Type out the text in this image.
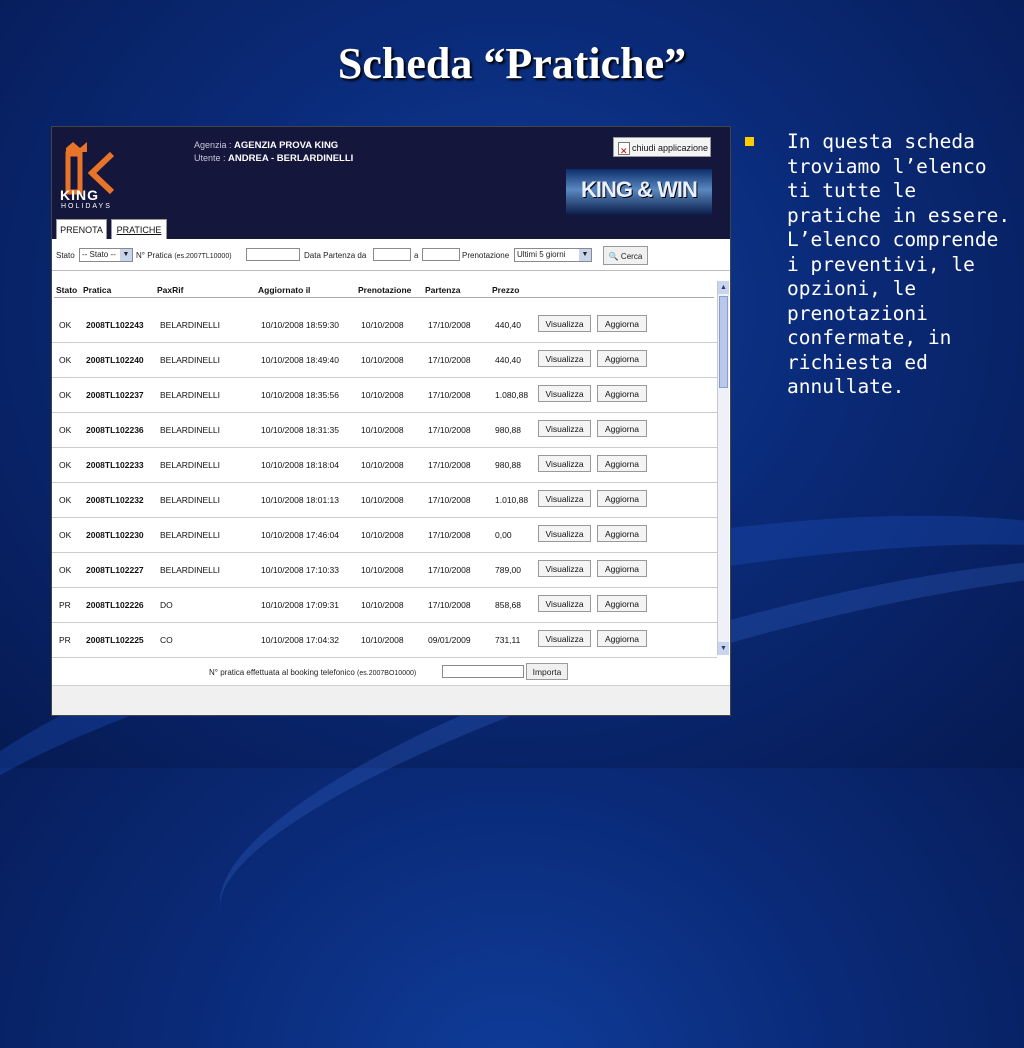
Scheda “Pratiche”
In questa scheda troviamo l’elenco ti tutte le pratiche in essere. L’elenco comprende i preventivi, le opzioni, le prenotazioni confermate, in richiesta ed annullate.
KING
HOLIDAYS
Agenzia : AGENZIA PROVA KING
Utente : ANDREA - BERLARDINELLI
✕
chiudi applicazione
KING & WIN
PRENOTA	PRATICHE
Stato -- Stato -- ▼ N° Pratica (es.2007TL10000)	Data Partenza da	a	Prenotazione Ultimi 5 giorni	▼	🔍 Cerca
Stato Pratica	PaxRif	Aggiornato il	Prenotazione Partenza	Prezzo
OK 2008TL102243 BELARDINELLI	10/10/2008 18:59:30	10/10/2008	17/10/2008	440,40	Visualizza	Aggiorna
OK 2008TL102240 BELARDINELLI	10/10/2008 18:49:40	10/10/2008	17/10/2008	440,40	Visualizza	Aggiorna
OK 2008TL102237 BELARDINELLI	10/10/2008 18:35:56	10/10/2008	17/10/2008	1.080,88	Visualizza	Aggiorna
OK 2008TL102236 BELARDINELLI	10/10/2008 18:31:35	10/10/2008	17/10/2008	980,88	Visualizza	Aggiorna
OK 2008TL102233 BELARDINELLI	10/10/2008 18:18:04	10/10/2008	17/10/2008	980,88	Visualizza	Aggiorna
OK 2008TL102232 BELARDINELLI	10/10/2008 18:01:13	10/10/2008	17/10/2008	1.010,88	Visualizza	Aggiorna
OK 2008TL102230 BELARDINELLI	10/10/2008 17:46:04	10/10/2008	17/10/2008	0,00	Visualizza	Aggiorna
OK 2008TL102227 BELARDINELLI	10/10/2008 17:10:33	10/10/2008	17/10/2008	789,00	Visualizza	Aggiorna
PR 2008TL102226 DO	10/10/2008 17:09:31	10/10/2008	17/10/2008	858,68	Visualizza	Aggiorna
PR 2008TL102225 CO	10/10/2008 17:04:32	10/10/2008	09/01/2009	731,11	Visualizza	Aggiorna
▲
▼
N° pratica effettuata al booking telefonico (es.2007BO10000)	Importa
